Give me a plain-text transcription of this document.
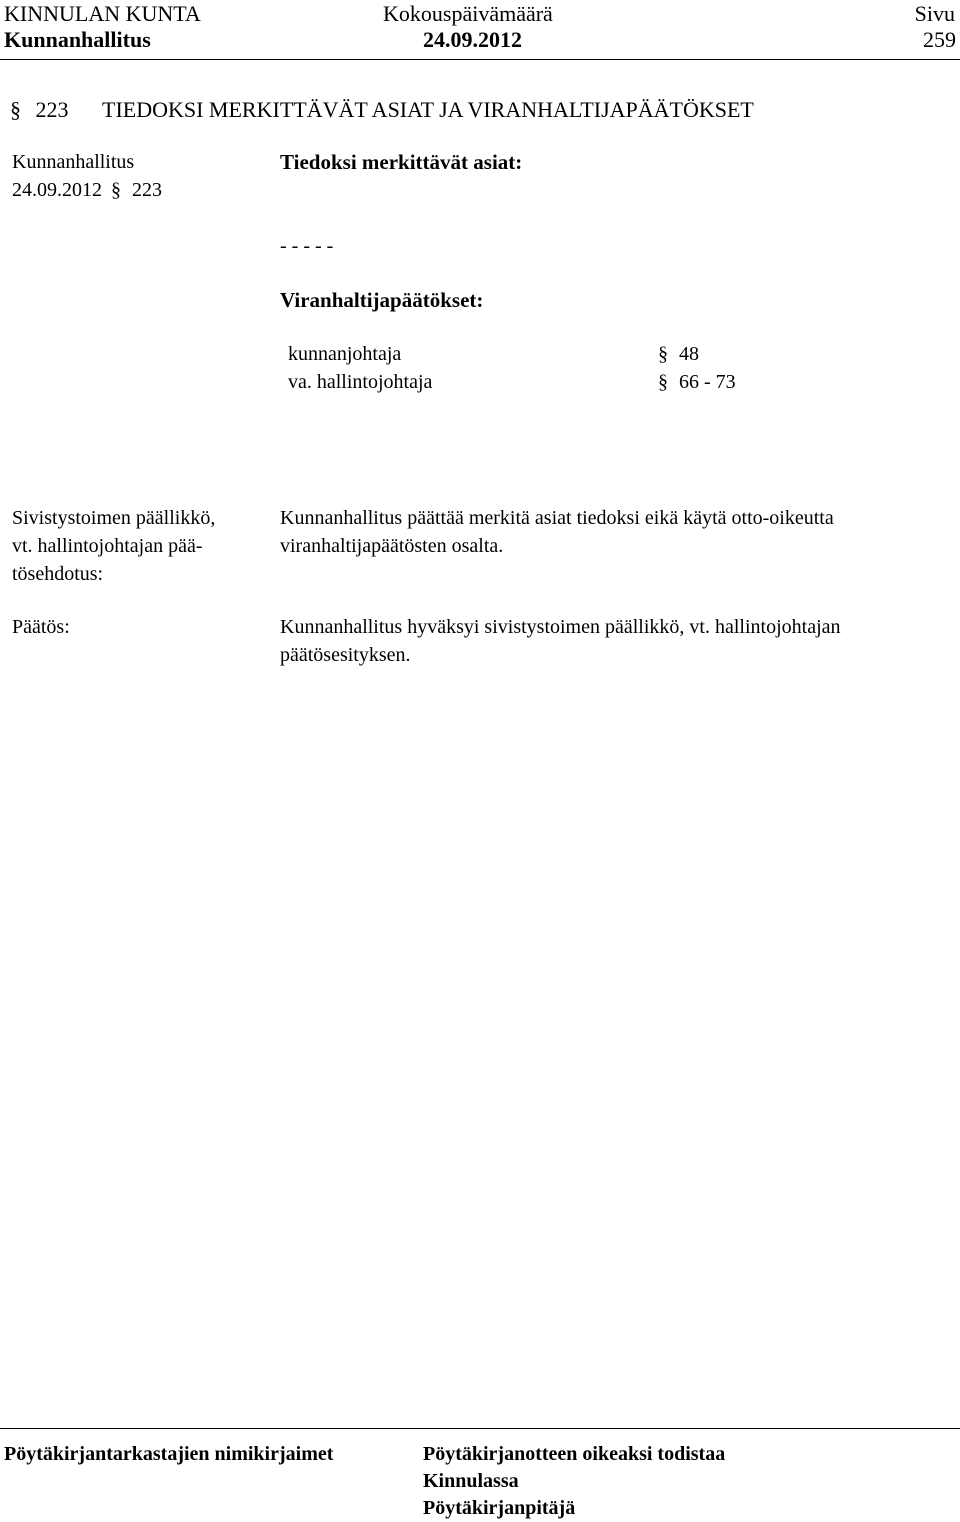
KINNULAN KUNTA	Kokouspäivämäärä	Sivu
Kunnanhallitus	24.09.2012	259
§ 223 TIEDOKSI MERKITTÄVÄT ASIAT JA VIRANHALTIJAPÄÄTÖKSET
Kunnanhallitus
24.09.2012 § 223
Tiedoksi merkittävät asiat:
- - - - -
Viranhaltijapäätökset:
kunnanjohtaja	§ 48
va. hallintojohtaja	§ 66 - 73
Sivistystoimen päällikkö,
vt. hallintojohtajan pää-
tösehdotus:
Kunnanhallitus päättää merkitä asiat tiedoksi eikä käytä otto-oikeutta
viranhaltijapäätösten osalta.
Päätös:	Kunnanhallitus hyväksyi sivistystoimen päällikkö, vt. hallintojohtajan
päätösesityksen.
Pöytäkirjantarkastajien nimikirjaimet	Pöytäkirjanotteen oikeaksi todistaa
Kinnulassa
Pöytäkirjanpitäjä
